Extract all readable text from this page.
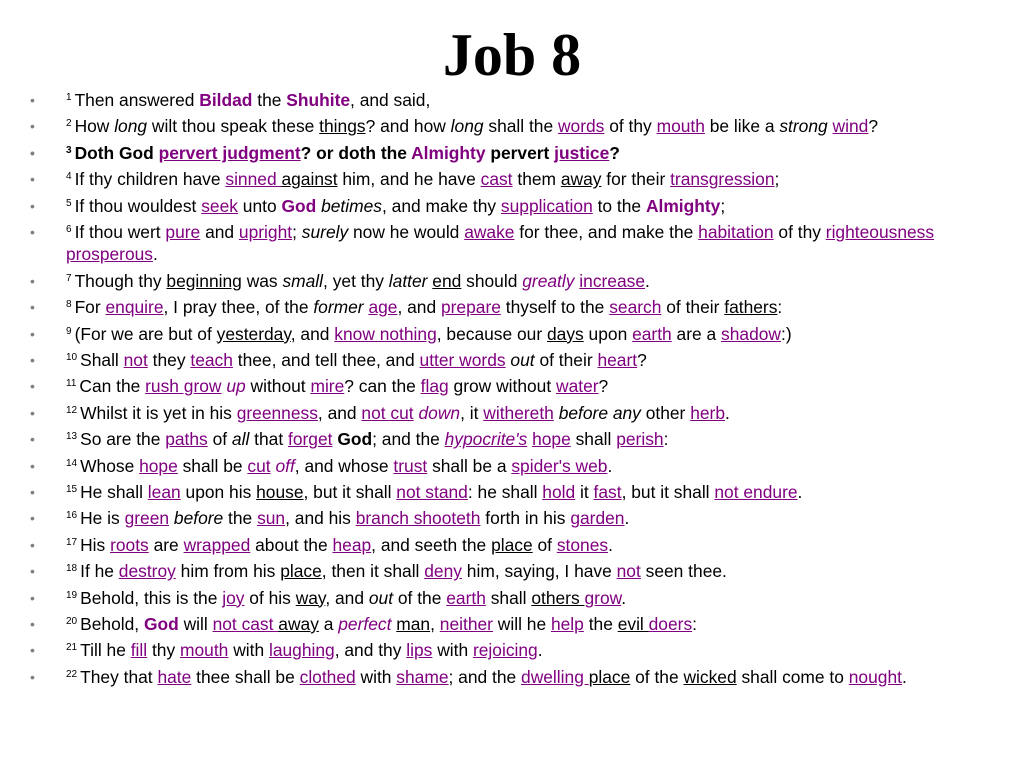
Job 8
•	$^1$ Then answered Bildad the Shuhite, and said,
•	$^2$ How long wilt thou speak these things? and how long shall the words of thy mouth be like a strong wind?
•	$^3$ Doth God pervert judgment? or doth the Almighty pervert justice?
•	$^4$ If thy children have sinned against him, and he have cast them away for their transgression;
•	$^5$ If thou wouldest seek unto God betimes, and make thy supplication to the Almighty;
•	$^6$ If thou wert pure and upright; surely now he would awake for thee, and make the habitation of thy righteousness prosperous.
•	$^7$ Though thy beginning was small, yet thy latter end should greatly increase.
•	$^8$ For enquire, I pray thee, of the former age, and prepare thyself to the search of their fathers:
•	$^9$ (For we are but of yesterday, and know nothing, because our days upon earth are a shadow:)
•	$^{10}$ Shall not they teach thee, and tell thee, and utter words out of their heart?
•	$^{11}$ Can the rush grow up without mire? can the flag grow without water?
•	$^{12}$ Whilst it is yet in his greenness, and not cut down, it withereth before any other herb.
•	$^{13}$ So are the paths of all that forget God; and the hypocrite's hope shall perish:
•	$^{14}$ Whose hope shall be cut off, and whose trust shall be a spider's web.
•	$^{15}$ He shall lean upon his house, but it shall not stand: he shall hold it fast, but it shall not endure.
•	$^{16}$ He is green before the sun, and his branch shooteth forth in his garden.
•	$^{17}$ His roots are wrapped about the heap, and seeth the place of stones.
•	$^{18}$ If he destroy him from his place, then it shall deny him, saying, I have not seen thee.
•	$^{19}$ Behold, this is the joy of his way, and out of the earth shall others grow.
•	$^{20}$ Behold, God will not cast away a perfect man, neither will he help the evil doers:
•	$^{21}$ Till he fill thy mouth with laughing, and thy lips with rejoicing.
•	$^{22}$ They that hate thee shall be clothed with shame; and the dwelling place of the wicked shall come to nought.
